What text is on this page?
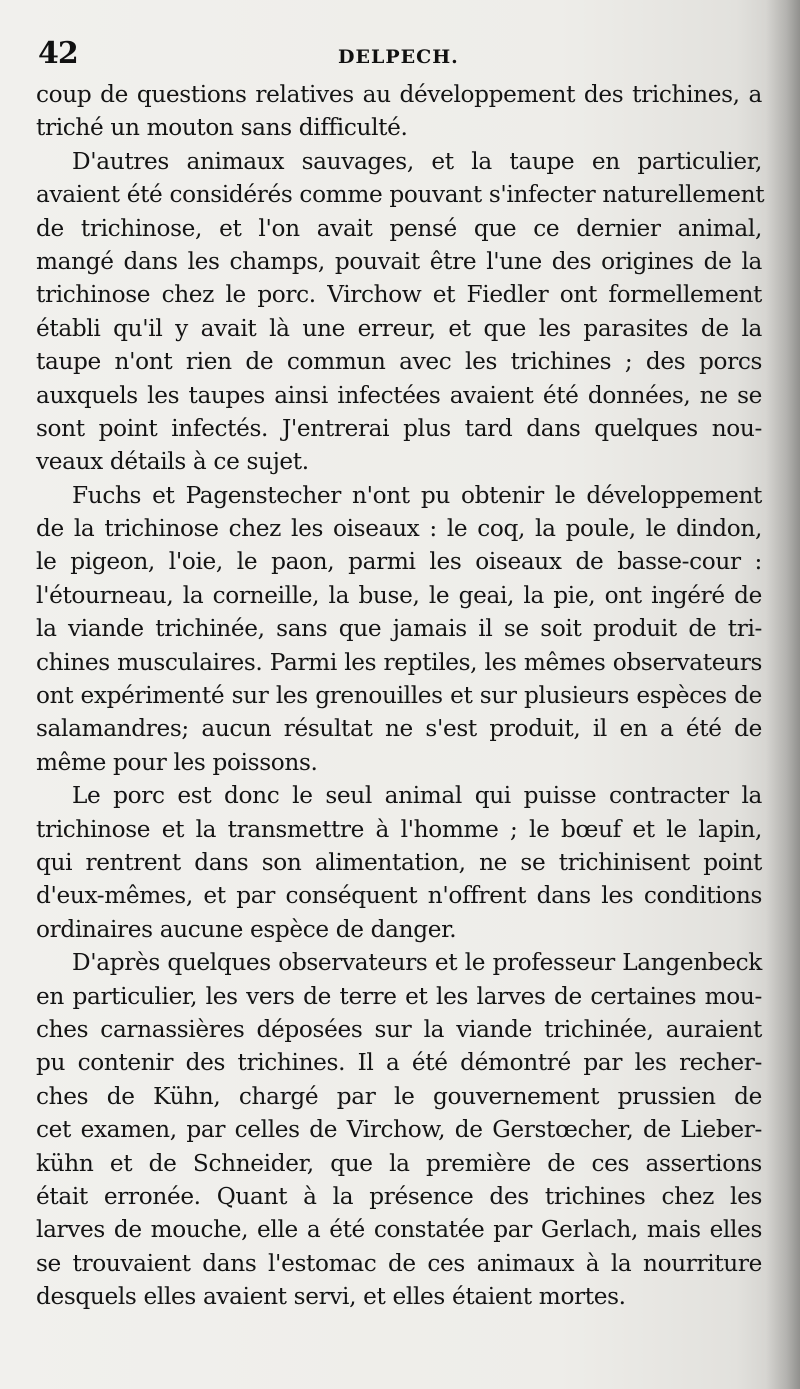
42	DELPECH.
coup de questions relatives au développement des trichines, a
triché un mouton sans difficulté.
D'autres animaux sauvages, et la taupe en particulier,
avaient été considérés comme pouvant s'infecter naturellement
de trichinose, et l'on avait pensé que ce dernier animal,
mangé dans les champs, pouvait être l'une des origines de la
trichinose chez le porc. Virchow et Fiedler ont formellement
établi qu'il y avait là une erreur, et que les parasites de la
taupe n'ont rien de commun avec les trichines ; des porcs
auxquels les taupes ainsi infectées avaient été données, ne se
sont point infectés. J'entrerai plus tard dans quelques nou-
veaux détails à ce sujet.
Fuchs et Pagenstecher n'ont pu obtenir le développement
de la trichinose chez les oiseaux : le coq, la poule, le dindon,
le pigeon, l'oie, le paon, parmi les oiseaux de basse-cour :
l'étourneau, la corneille, la buse, le geai, la pie, ont ingéré de
la viande trichinée, sans que jamais il se soit produit de tri-
chines musculaires. Parmi les reptiles, les mêmes observateurs
ont expérimenté sur les grenouilles et sur plusieurs espèces de
salamandres; aucun résultat ne s'est produit, il en a été de
même pour les poissons.
Le porc est donc le seul animal qui puisse contracter la
trichinose et la transmettre à l'homme ; le bœuf et le lapin,
qui rentrent dans son alimentation, ne se trichinisent point
d'eux-mêmes, et par conséquent n'offrent dans les conditions
ordinaires aucune espèce de danger.
D'après quelques observateurs et le professeur Langenbeck
en particulier, les vers de terre et les larves de certaines mou-
ches carnassières déposées sur la viande trichinée, auraient
pu contenir des trichines. Il a été démontré par les recher-
ches de Kühn, chargé par le gouvernement prussien de
cet examen, par celles de Virchow, de Gerstœcher, de Lieber-
kühn et de Schneider, que la première de ces assertions
était erronée. Quant à la présence des trichines chez les
larves de mouche, elle a été constatée par Gerlach, mais elles
se trouvaient dans l'estomac de ces animaux à la nourriture
desquels elles avaient servi, et elles étaient mortes.
